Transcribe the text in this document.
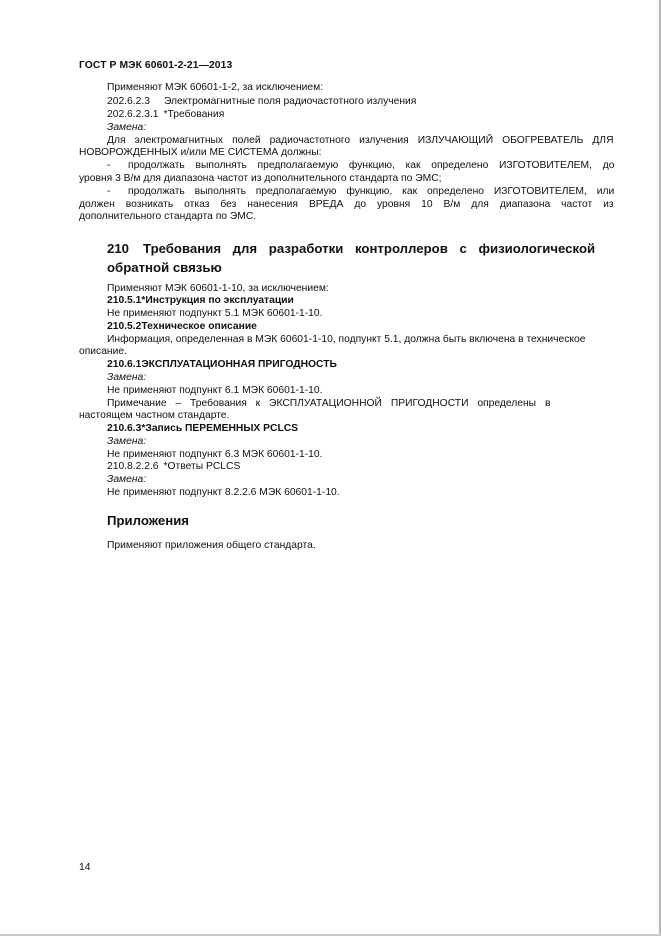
ГОСТ Р МЭК 60601-2-21—2013
Применяют МЭК 60601-1-2, за исключением:
202.6.2.3 Электромагнитные поля радиочастотного излучения
202.6.2.3.1 *Требования
Замена:
Для электромагнитных полей радиочастотного излучения ИЗЛУЧАЮЩИЙ ОБОГРЕВАТЕЛЬ ДЛЯ
НОВОРОЖДЕННЫХ и/или МЕ СИСТЕМА должны:
- продолжать выполнять предполагаемую функцию, как определено ИЗГОТОВИТЕЛЕМ, до
уровня 3 В/м для диапазона частот из дополнительного стандарта по ЭМС;
- продолжать выполнять предполагаемую функцию, как определено ИЗГОТОВИТЕЛЕМ, или
должен возникать отказ без нанесения ВРЕДА до уровня 10 В/м для диапазона частот из
дополнительного стандарта по ЭМС.
210 Требования для разработки контроллеров с физиологической
обратной связью
Применяют МЭК 60601-1-10, за исключением:
210.5.1*Инструкция по эксплуатации
Не применяют подпункт 5.1 МЭК 60601-1-10.
210.5.2Техническое описание
Информация, определенная в МЭК 60601-1-10, подпункт 5.1, должна быть включена в техническое
описание.
210.6.1ЭКСПЛУАТАЦИОННАЯ ПРИГОДНОСТЬ
Замена:
Не применяют подпункт 6.1 МЭК 60601-1-10.
Примечание – Требования к ЭКСПЛУАТАЦИОННОЙ ПРИГОДНОСТИ определены в
настоящем частном стандарте.
210.6.3*Запись ПЕРЕМЕННЫХ PCLCS
Замена:
Не применяют подпункт 6.3 МЭК 60601-1-10.
210.8.2.2.6 *Ответы PCLCS
Замена:
Не применяют подпункт 8.2.2.6 МЭК 60601-1-10.
Приложения
Применяют приложения общего стандарта.
14
